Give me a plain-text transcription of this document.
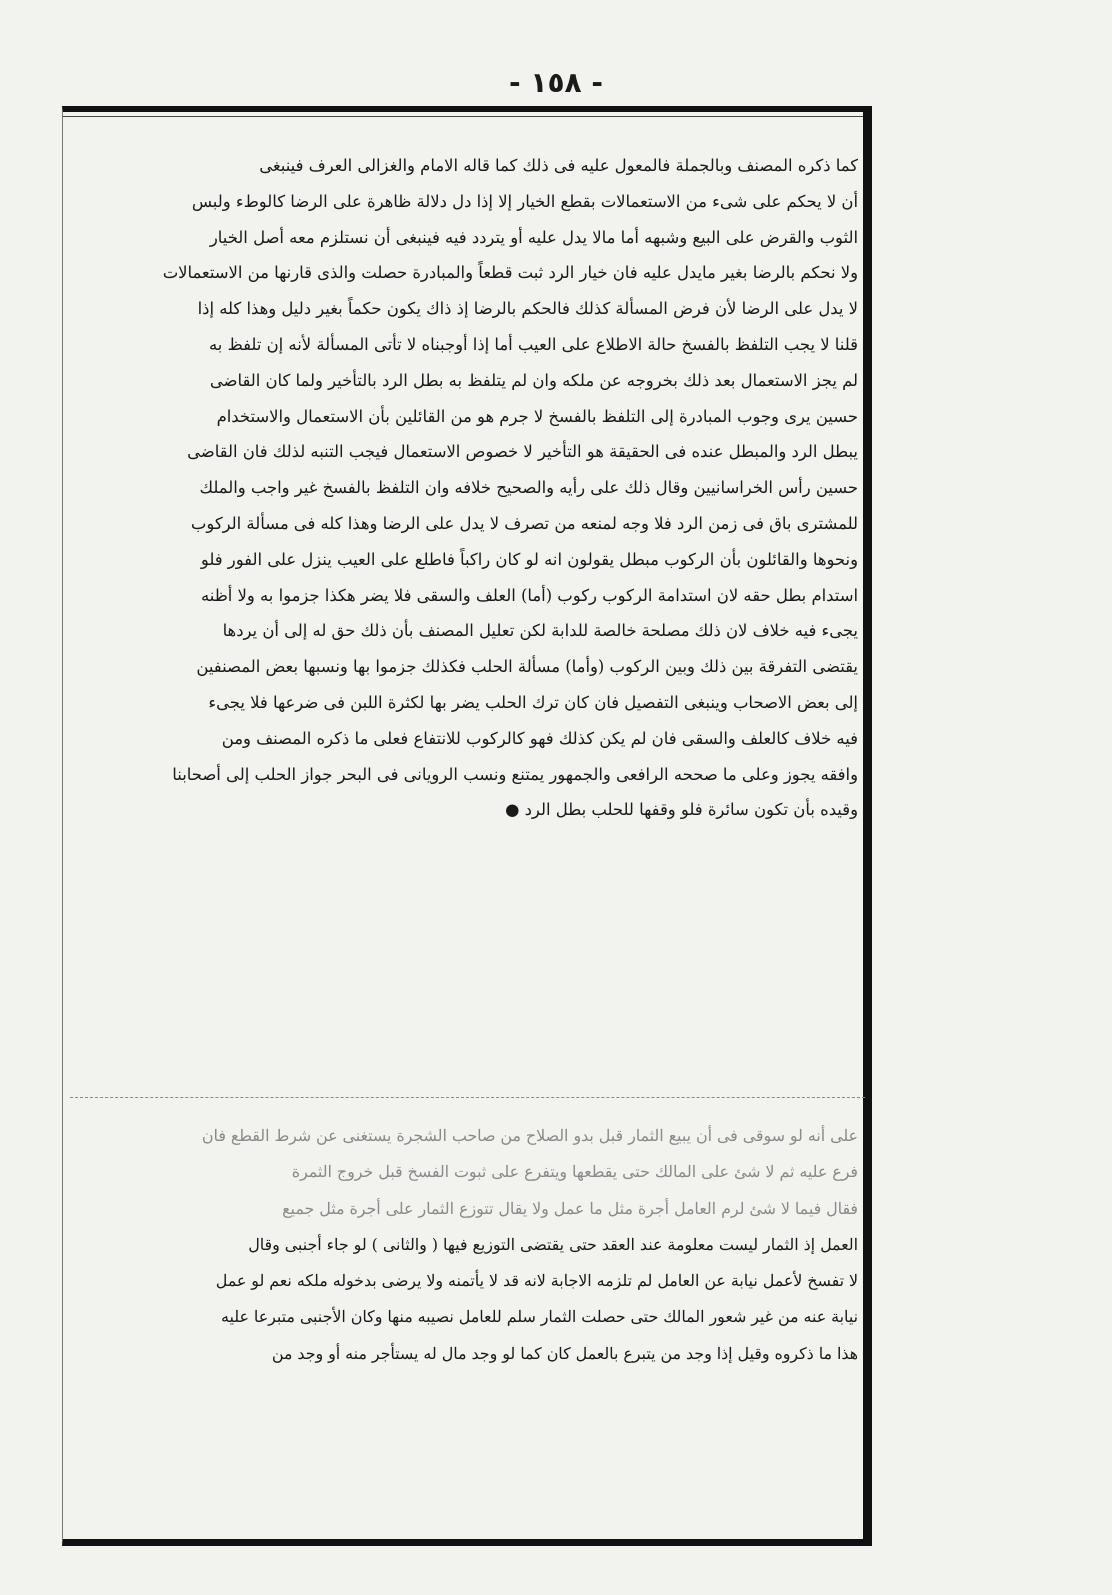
- ١٥٨ -
كما ذكره المصنف وبالجملة فالمعول عليه فى ذلك كما قاله الامام والغزالى العرف فينبغى
أن لا يحكم على شىء من الاستعمالات بقطع الخيار إلا إذا دل دلالة ظاهرة على الرضا كالوطء ولبس
الثوب والقرض على البيع وشبهه أما مالا يدل عليه أو يتردد فيه فينبغى أن نستلزم معه أصل الخيار
ولا نحكم بالرضا بغير مايدل عليه فان خيار الرد ثبت قطعاً والمبادرة حصلت والذى قارنها من الاستعمالات
لا يدل على الرضا لأن فرض المسألة كذلك فالحكم بالرضا إذ ذاك يكون حكماً بغير دليل وهذا كله إذا
قلنا لا يجب التلفظ بالفسخ حالة الاطلاع على العيب أما إذا أوجبناه لا تأتى المسألة لأنه إن تلفظ به
لم يجز الاستعمال بعد ذلك بخروجه عن ملكه وان لم يتلفظ به بطل الرد بالتأخير ولما كان القاضى
حسين يرى وجوب المبادرة إلى التلفظ بالفسخ لا جرم هو من القائلين بأن الاستعمال والاستخدام
يبطل الرد والمبطل عنده فى الحقيقة هو التأخير لا خصوص الاستعمال فيجب التنبه لذلك فان القاضى
حسين رأس الخراسانيين وقال ذلك على رأيه والصحيح خلافه وان التلفظ بالفسخ غير واجب والملك
للمشترى باق فى زمن الرد فلا وجه لمنعه من تصرف لا يدل على الرضا وهذا كله فى مسألة الركوب
ونحوها والقائلون بأن الركوب مبطل يقولون انه لو كان راكباً فاطلع على العيب ينزل على الفور فلو
استدام بطل حقه لان استدامة الركوب ركوب (أما) العلف والسقى فلا يضر هكذا جزموا به ولا أظنه
يجىء فيه خلاف لان ذلك مصلحة خالصة للدابة لكن تعليل المصنف بأن ذلك حق له إلى أن يردها
يقتضى التفرقة بين ذلك وبين الركوب (وأما) مسألة الحلب فكذلك جزموا بها ونسبها بعض المصنفين
إلى بعض الاصحاب وينبغى التفصيل فان كان ترك الحلب يضر بها لكثرة اللبن فى ضرعها فلا يجىء
فيه خلاف كالعلف والسقى فان لم يكن كذلك فهو كالركوب للانتفاع فعلى ما ذكره المصنف ومن
وافقه يجوز وعلى ما صححه الرافعى والجمهور يمتنع ونسب الرويانى فى البحر جواز الحلب إلى أصحابنا
وقيده بأن تكون سائرة فلو وقفها للحلب بطل الرد ●
على أنه لو سوقى فى أن يبيع الثمار قبل بدو الصلاح من صاحب الشجرة يستغنى عن شرط القطع فان
فرع عليه ثم لا شئ على المالك حتى يقطعها ويتفرع على ثبوت الفسخ قبل خروج الثمرة
فقال فيما لا شئ لرم العامل أجرة مثل ما عمل ولا يقال تتوزع الثمار على أجرة مثل جميع
العمل إذ الثمار ليست معلومة عند العقد حتى يقتضى التوزيع فيها ( والثانى ) لو جاء أجنبى وقال
لا تفسخ لأعمل نيابة عن العامل لم تلزمه الاجابة لانه قد لا يأتمنه ولا يرضى بدخوله ملكه نعم لو عمل
نيابة عنه من غير شعور المالك حتى حصلت الثمار سلم للعامل نصيبه منها وكان الأجنبى متبرعا عليه
هذا ما ذكروه وقيل إذا وجد من يتبرع بالعمل كان كما لو وجد مال له يستأجر منه أو وجد من
